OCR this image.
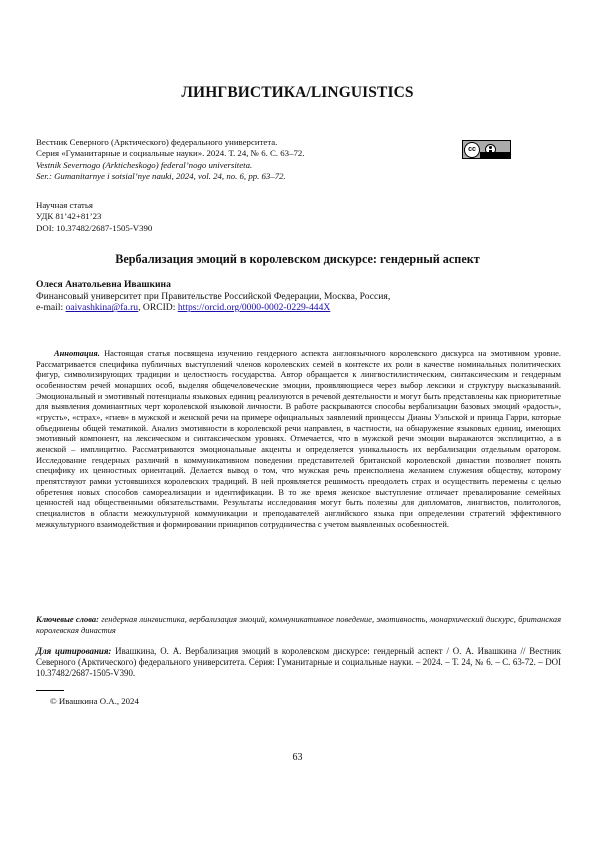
ЛИНГВИСТИКА/LINGUISTICS
Вестник Северного (Арктического) федерального университета.
Серия «Гуманитарные и социальные науки». 2024. Т. 24, № 6. С. 63–72.
Vestnik Severnogo (Arkticheskogo) federal’nogo universiteta.
Ser.: Gumanitarnye i sotsial’nye nauki, 2024, vol. 24, no. 6, pp. 63–72.
cc
Научная статья
УДК 81’42+81’23
DOI: 10.37482/2687-1505-V390
Вербализация эмоций в королевском дискурсе: гендерный аспект
Олеся Анатольевна Ивашкина
Финансовый университет при Правительстве Российской Федерации, Москва, Россия,
e-mail: oaivashkina@fa.ru, ORCID: https://orcid.org/0000-0002-0229-444X

Аннотация. Настоящая статья посвящена изучению гендерного аспекта англоязычного королевского дискурса на эмотивном уровне. Рассматривается специфика публичных выступлений членов королевских семей в контексте их роли в качестве номинальных политических фигур, символизирующих традиции и целостность государства. Автор обращается к лингвостилистическим, синтаксическим и гендерным особенностям речей монарших особ, выделяя общечеловеческие эмоции, проявляющиеся через выбор лексики и структуру высказываний. Эмоциональный и эмотивный потенциалы языковых единиц реализуются в речевой деятельности и могут быть представлены как приоритетные для выявления доминантных черт королевской языковой личности. В работе раскрываются способы вербализации базовых эмоций «радость», «грусть», «страх», «гнев» в мужской и женской речи на примере официальных заявлений принцессы Дианы Уэльской и принца Гарри, которые объединены общей тематикой. Анализ эмотивности в королевской речи направлен, в частности, на обнаружение языковых единиц, имеющих эмотивный компонент, на лексическом и синтаксическом уровнях. Отмечается, что в мужской речи эмоции выражаются эксплицитно, а в женской – имплицитно. Рассматриваются эмоциональные акценты и определяется уникальность их вербализации отдельным оратором. Исследование гендерных различий в коммуникативном поведении представителей британской королевской династии позволяет понять специфику их ценностных ориентаций. Делается вывод о том, что мужская речь преисполнена желанием служения обществу, которому препятствуют рамки устоявшихся королевских традиций. В ней проявляется решимость преодолеть страх и осуществить перемены с целью обретения новых способов самореализации и идентификации. В то же время женское выступление отличает превалирование семейных ценностей над общественными обязательствами. Результаты исследования могут быть полезны для дипломатов, лингвистов, политологов, специалистов в области межкультурной коммуникации и преподавателей английского языка при определении стратегий эффективного межкультурного взаимодействия и формировании принципов сотрудничества с учетом выявленных особенностей.

Ключевые слова: гендерная лингвистика, вербализация эмоций, коммуникативное поведение, эмотивность, монархический дискурс, британская королевская династия

Для цитирования: Ивашкина, О. А. Вербализация эмоций в королевском дискурсе: гендерный аспект / О. А. Ивашкина // Вестник Северного (Арктического) федерального университета. Серия: Гуманитарные и социальные науки. – 2024. – Т. 24, № 6. – С. 63-72. – DOI 10.37482/2687-1505-V390.

© Ивашкина О.А., 2024
63
